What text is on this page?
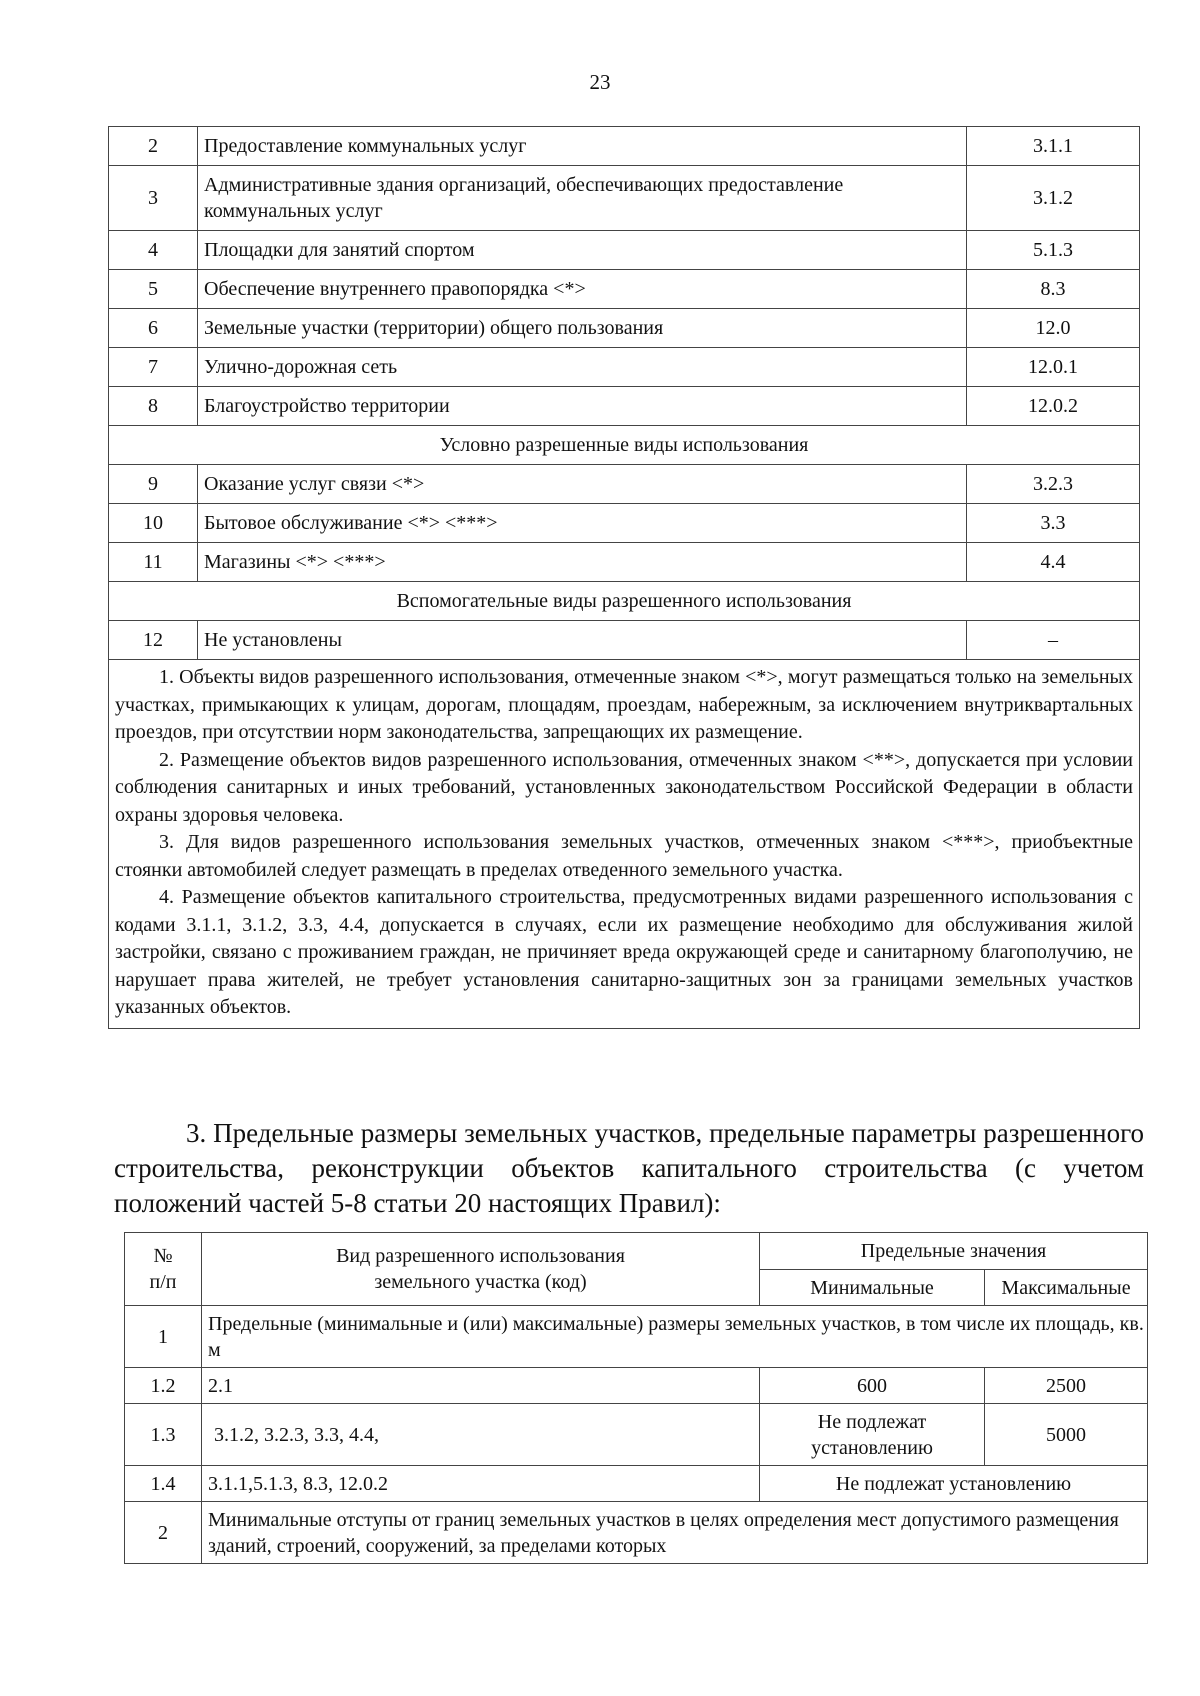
23
2	Предоставление коммунальных услуг	3.1.1
3	Административные здания организаций, обеспечивающих предоставление коммунальных услуг	3.1.2
4	Площадки для занятий спортом	5.1.3
5	Обеспечение внутреннего правопорядка <*>	8.3
6	Земельные участки (территории) общего пользования	12.0
7	Улично-дорожная сеть	12.0.1
8	Благоустройство территории	12.0.2
Условно разрешенные виды использования		
9	Оказание услуг связи <*>	3.2.3
10	Бытовое обслуживание <*> <***>	3.3
11	Магазины <*> <***>	4.4
Вспомогательные виды разрешенного использования		
12	Не установлены	–

1. Объекты видов разрешенного использования, отмеченные знаком <*>, могут размещаться только на земельных участках, примыкающих к улицам, дорогам, площадям, проездам, набережным, за исключением внутриквартальных проездов, при отсутствии норм законодательства, запрещающих их размещение.

2. Размещение объектов видов разрешенного использования, отмеченных знаком <**>, допускается при условии соблюдения санитарных и иных требований, установленных законодательством Российской Федерации в области охраны здоровья человека.

3. Для видов разрешенного использования земельных участков, отмеченных знаком <***>, приобъектные стоянки автомобилей следует размещать в пределах отведенного земельного участка.

4. Размещение объектов капитального строительства, предусмотренных видами разрешенного использования с кодами 3.1.1, 3.1.2, 3.3, 4.4, допускается в случаях, если их размещение необходимо для обслуживания жилой застройки, связано с проживанием граждан, не причиняет вреда окружающей среде и санитарному благополучию, не нарушает права жителей, не требует установления санитарно-защитных зон за границами земельных участков указанных объектов.		

3. Предельные размеры земельных участков, предельные параметры разрешенного строительства, реконструкции объектов капитального строительства (с учетом положений частей 5-8 статьи 20 настоящих Правил):

№
п/п	Вид разрешенного использования земельного участка (код)	Предельные значения	
		Минимальные	Максимальные
1	Предельные (минимальные и (или) максимальные) размеры земельных участков, в том числе их площадь, кв. м		
1.2	2.1	600	2500
1.3	3.1.2, 3.2.3, 3.3, 4.4,	Не подлежат установлению	5000
1.4	3.1.1,5.1.3, 8.3, 12.0.2	Не подлежат установлению	
2	Минимальные отступы от границ земельных участков в целях определения мест допустимого размещения зданий, строений, сооружений, за пределами которых		
